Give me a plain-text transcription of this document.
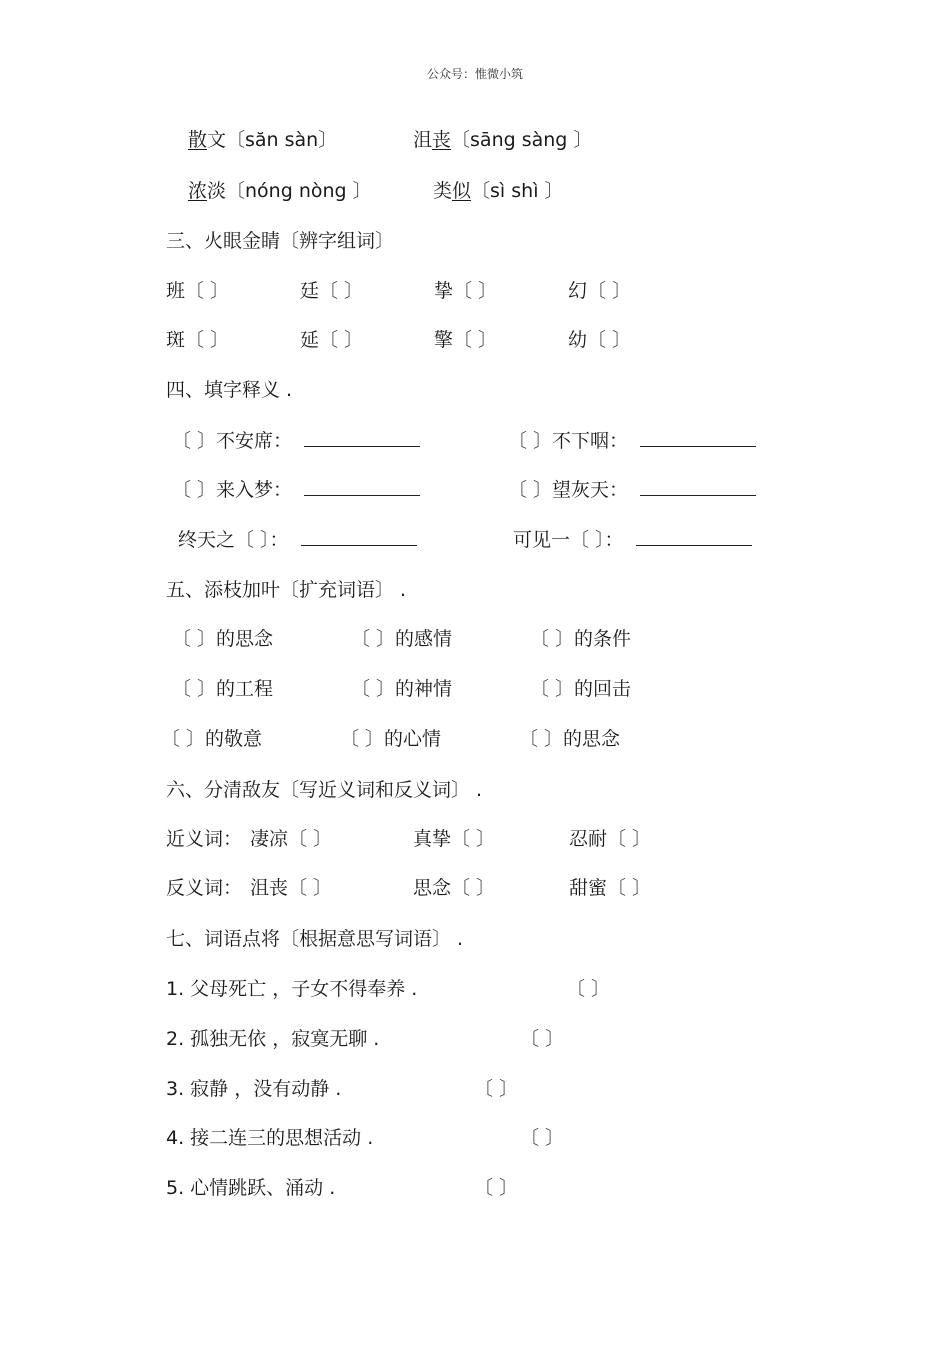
公众号：惟微小筑
散文〔săn sàn〕	沮丧〔sāng sàng 〕
浓淡〔nóng nòng 〕	类似〔sì shì 〕
三、火眼金睛〔辨字组词〕
班〔 〕	廷〔 〕	挚〔 〕	幻〔 〕
斑〔 〕	延〔 〕	擎〔 〕	幼〔 〕
四、填字释义 .
〔 〕不安席：	〔 〕不下咽：
〔 〕来入梦：	〔 〕望灰天：
终天之〔 〕：	可见一〔 〕：
五、添枝加叶〔扩充词语〕 .
〔 〕的思念	〔 〕的感情	〔 〕的条件
〔 〕的工程	〔 〕的神情	〔 〕的回击
〔 〕的敬意	〔 〕的心情	〔 〕的思念
六、分清敌友〔写近义词和反义词〕 .
近义词： 凄凉〔 〕	真挚〔 〕	忍耐〔 〕
反义词： 沮丧〔 〕	思念〔 〕	甜蜜〔 〕
七、词语点将〔根据意思写词语〕 .
1. 父母死亡 ，子女不得奉养 .	〔 〕
2. 孤独无依 ，寂寞无聊 .	〔 〕
3. 寂静 ，没有动静 .	〔 〕
4. 接二连三的思想活动 .	〔 〕
5. 心情跳跃、涌动 .	〔 〕
